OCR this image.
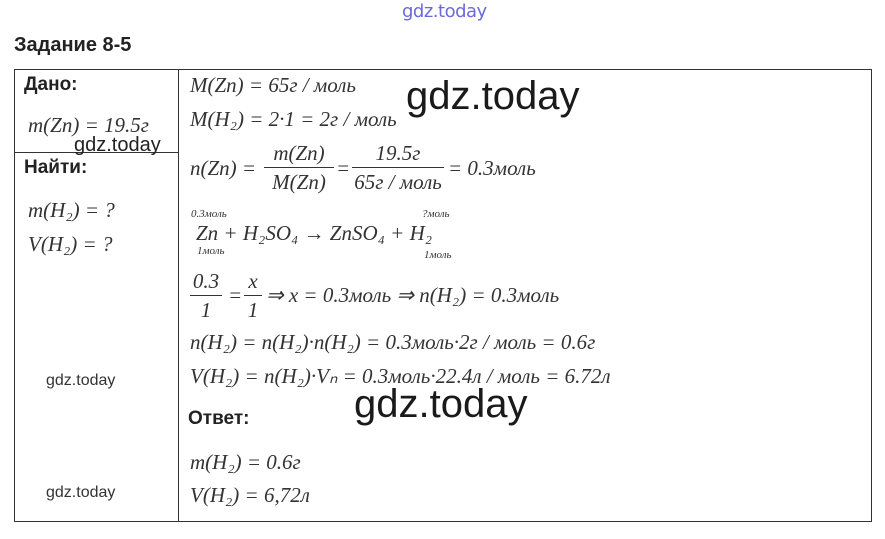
gdz.today
Задание 8-5
Дано:
m(Zn) = 19.5г
gdz.today
Найти:
m(H₂) = ?
V(H₂) = ?
gdz.today
gdz.today
M(Zn) = 65г / моль
M(H₂) = 2·1 = 2г / моль
n(Zn) =
m(Zn)
M(Zn)
=
19.5г
65г / моль
= 0.3моль
0.3моль	?моль
Zn + H₂SO₄ → ZnSO₄ + H₂
1моль	1моль
0.3
1
=
x
1
⇒ x = 0.3моль ⇒ n(H₂) = 0.3моль
n(H₂) = n(H₂)·n(H₂) = 0.3моль·2г / моль = 0.6г
V(H₂) = n(H₂)·Vₙ = 0.3моль·22.4л / моль = 6.72л
Ответ:
m(H₂) = 0.6г
V(H₂) = 6,72л
gdz.today
gdz.today
